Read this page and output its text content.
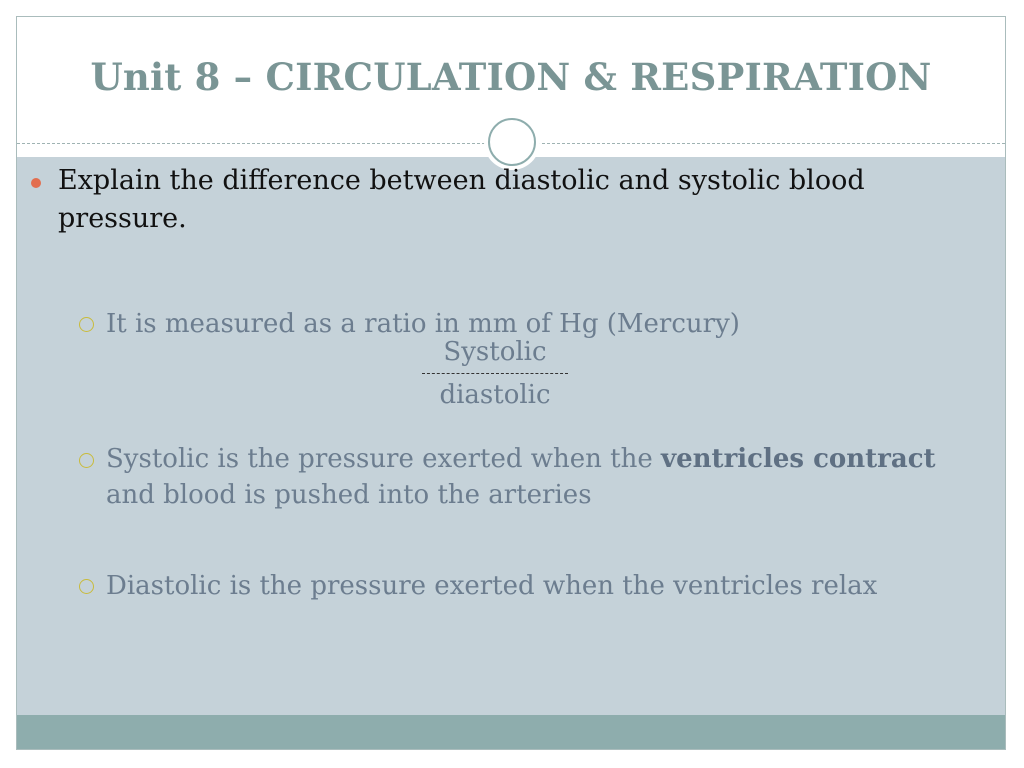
Unit 8 – CIRCULATION & RESPIRATION
Explain the difference between diastolic and systolic blood pressure.
It is measured as a ratio in mm of Hg (Mercury)
Systolic
diastolic
Systolic is the pressure exerted when the ventricles contract and blood is pushed into the arteries
Diastolic is the pressure exerted when the ventricles relax
